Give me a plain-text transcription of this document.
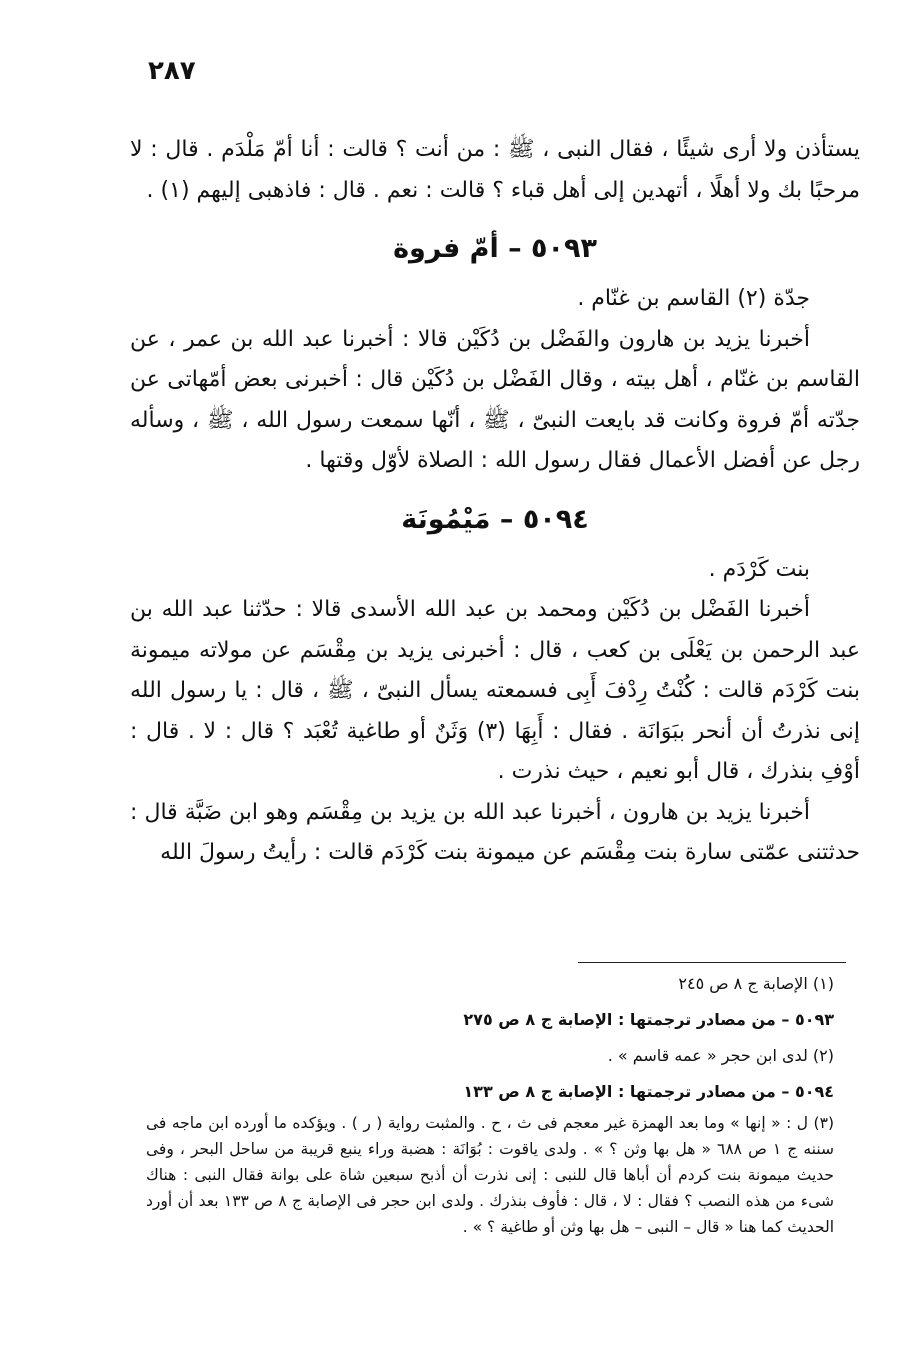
٢٨٧

يستأذن ولا أرى شيئًا ، فقال النبى ، ﷺ : من أنت ؟ قالت : أنا أمّ مَلْدَم . قال : لا مرحبًا بك ولا أهلًا ، أتهدين إلى أهل قباء ؟ قالت : نعم . قال : فاذهبى إليهم (١) .

٥٠٩٣ – أمّ فروة

جدّة (٢) القاسم بن غنّام .

أخبرنا يزيد بن هارون والفَضْل بن دُكَيْن قالا : أخبرنا عبد الله بن عمر ، عن القاسم بن غنّام ، أهل بيته ، وقال الفَضْل بن دُكَيْن قال : أخبرنى بعض أمّهاتى عن جدّته أمّ فروة وكانت قد بايعت النبىّ ، ﷺ ، أنّها سمعت رسول الله ، ﷺ ، وسأله رجل عن أفضل الأعمال فقال رسول الله : الصلاة لأوّل وقتها .

٥٠٩٤ – مَيْمُونَة

بنت كَرْدَم .

أخبرنا الفَضْل بن دُكَيْن ومحمد بن عبد الله الأسدى قالا : حدّثنا عبد الله بن عبد الرحمن بن يَعْلَى بن كعب ، قال : أخبرنى يزيد بن مِقْسَم عن مولاته ميمونة بنت كَرْدَم قالت : كُنْتُ رِدْفَ أَبِى فسمعته يسأل النبىّ ، ﷺ ، قال : يا رسول الله إنى نذرتُ أن أنحر ببَوَانَة . فقال : أَبِهَا (٣) وَثَنٌ أو طاغية تُعْبَد ؟ قال : لا . قال : أوْفِ بنذرك ، قال أبو نعيم ، حيث نذرت .

أخبرنا يزيد بن هارون ، أخبرنا عبد الله بن يزيد بن مِقْسَم وهو ابن ضَبَّة قال : حدثتنى عمّتى سارة بنت مِقْسَم عن ميمونة بنت كَرْدَم قالت : رأيتُ رسولَ الله

(١) الإصابة ج ٨ ص ٢٤٥

٥٠٩٣ – من مصادر ترجمتها : الإصابة ج ٨ ص ٢٧٥

(٢) لدى ابن حجر « عمه قاسم » .

٥٠٩٤ – من مصادر ترجمتها : الإصابة ج ٨ ص ١٣٣

(٣) ل : « إنها » وما بعد الهمزة غير معجم فى ث ، ح . والمثبت رواية ( ر ) . ويؤكده ما أورده ابن ماجه فى سننه ج ١ ص ٦٨٨ « هل بها وثن ؟ » . ولدى ياقوت : بُوَانَة : هضبة وراء ينبع قريبة من ساحل البحر ، وفى حديث ميمونة بنت كردم أن أباها قال للنبى : إنى نذرت أن أذبح سبعين شاة على بوانة فقال النبى : هناك شىء من هذه النصب ؟ فقال : لا ، قال : فأوف بنذرك . ولدى ابن حجر فى الإصابة ج ٨ ص ١٣٣ بعد أن أورد الحديث كما هنا « قال – النبى – هل بها وثن أو طاغية ؟ » .
